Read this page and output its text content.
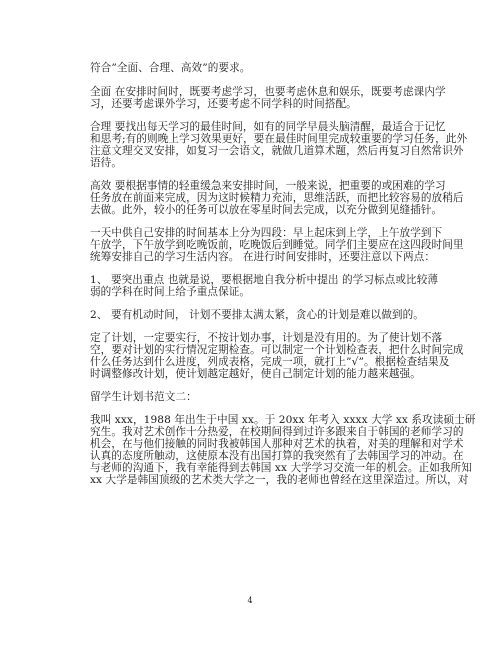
符合”全面、合理、高效”的要求。

全面 在安排时间时，既要考虑学习，也要考虑休息和娱乐，既要考虑课内学

习，还要考虑课外学习，还要考虑不同学科的时间搭配。

合理 要找出每天学习的最佳时间，如有的同学早晨头脑清醒，最适合于记忆

和思考;有的则晚上学习效果更好，要在最佳时间里完成较重要的学习任务，此外

注意文理交叉安排，如复习一会语文，就做几道算术题，然后再复习自然常识外

语待。

高效 要根据事情的轻重缓急来安排时间，一般来说，把重要的或困难的学习

任务放在前面来完成，因为这时候精力充沛，思维活跃，而把比较容易的放稍后

去做。此外，较小的任务可以放在零星时间去完成，以充分做到见缝插针。

一天中供自己安排的时间基本上分为四段：早上起床到上学，上午放学到下

午放学，下午放学到吃晚饭前，吃晚饭后到睡觉。同学们主要应在这四段时间里

统筹安排自己的学习生活内容。 在进行时间安排时，还要注意以下两点：

1、 要突出重点 也就是说，要根据地自我分析中提出 的学习标点或比较薄

弱的学科在时间上给予重点保证。

2、 要有机动时间， 计划不要排太满太紧，贪心的计划是难以做到的。

定了计划，一定要实行，不按计划办事，计划是没有用的。为了使计划不落

空，要对计划的实行情况定期检查。可以制定一个计划检查表，把什么时间完成

什么任务达到什么进度，列成表格，完成一项，就打上”√”。根据检查结果及

时调整修改计划，使计划越定越好，使自己制定计划的能力越来越强。

留学生计划书范文二：

我叫 xxx，1988 年出生于中国 xx。于 20xx 年考入 xxxx 大学 xx 系攻读硕士研

究生。我对艺术创作十分热爱，在校期间得到过许多跟来自于韩国的老师学习的

机会，在与他们接触的同时我被韩国人那种对艺术的执着，对美的理解和对学术

认真的态度所触动，这使原本没有出国打算的我突然有了去韩国学习的冲动。在

与老师的沟通下，我有幸能得到去韩国 xx 大学学习交流一年的机会。正如我所知

xx 大学是韩国顶级的艺术类大学之一，我的老师也曾经在这里深造过。所以，对

4
